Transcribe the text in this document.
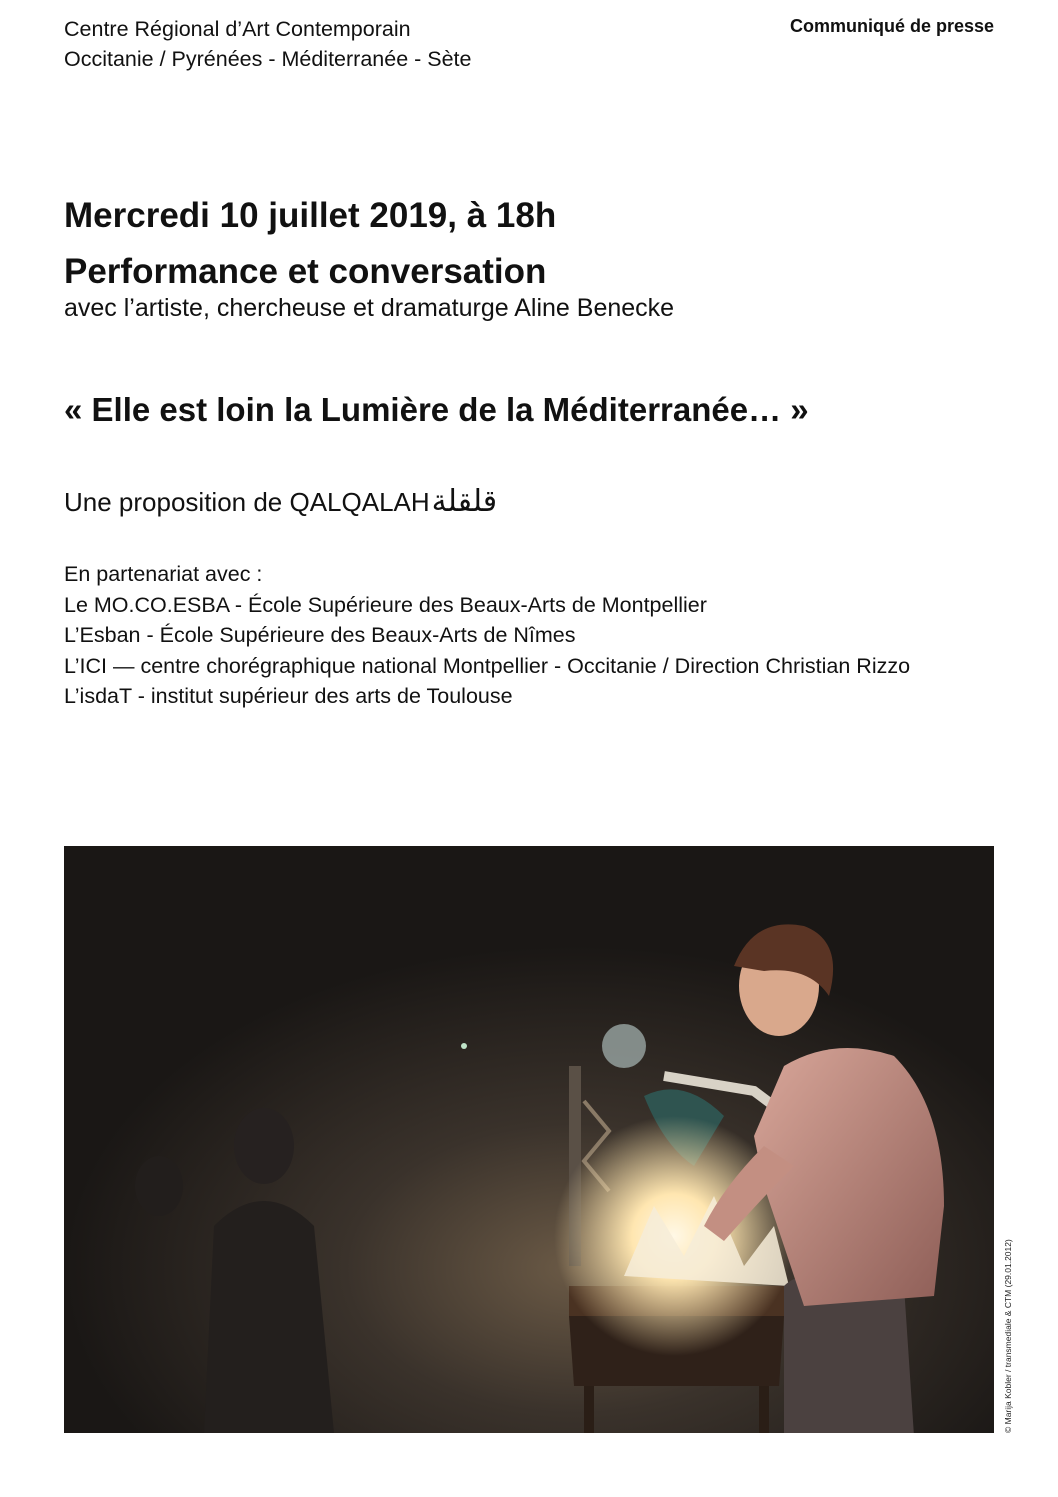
Centre Régional d’Art Contemporain
Occitanie / Pyrénées - Méditerranée - Sète
Communiqué de presse
Mercredi 10 juillet 2019, à 18h
Performance et conversation
avec l’artiste, chercheuse et dramaturge Aline Benecke
« Elle est loin la Lumière de la Méditerranée… »
Une proposition de QALQALAHقلقلة
En partenariat avec :
Le MO.CO.ESBA - École Supérieure des Beaux-Arts de Montpellier
L’Esban - École Supérieure des Beaux-Arts de Nîmes
L’ICI — centre chorégraphique national Montpellier - Occitanie / Direction Christian Rizzo
L’isdaT - institut supérieur des arts de Toulouse
© Marija Kobler / transmediale & CTM (29.01.2012)
